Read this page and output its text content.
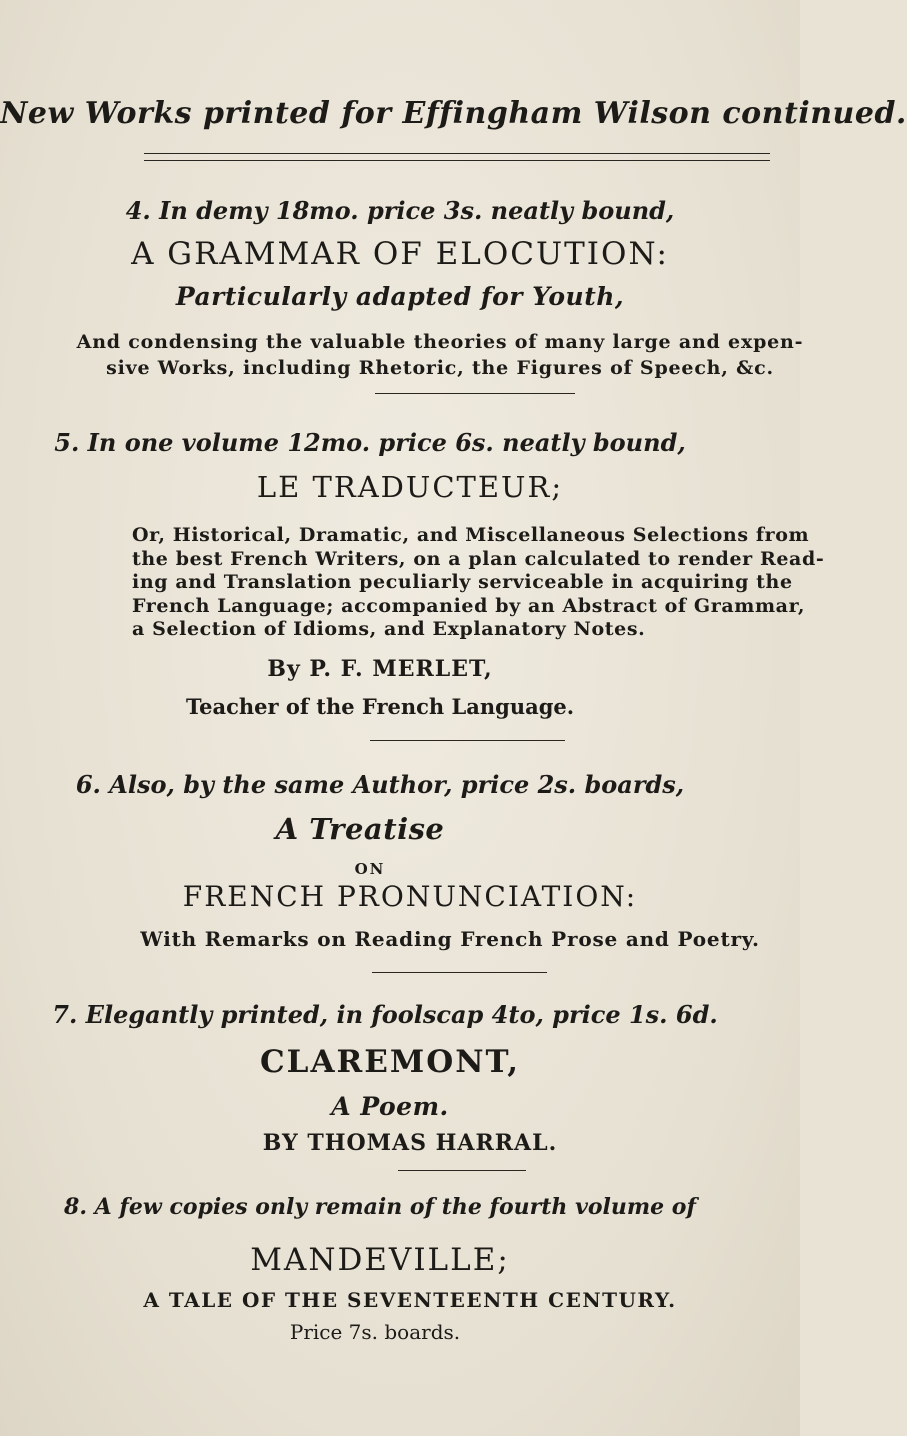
New Works printed for Effingham Wilson continued.
4. In demy 18mo. price 3s. neatly bound,
A GRAMMAR OF ELOCUTION:
Particularly adapted for Youth,
And condensing the valuable theories of many large and expen-
sive Works, including Rhetoric, the Figures of Speech, &c.
5. In one volume 12mo. price 6s. neatly bound,
LE TRADUCTEUR;
Or, Historical, Dramatic, and Miscellaneous Selections from
the best French Writers, on a plan calculated to render Read-
ing and Translation peculiarly serviceable in acquiring the
French Language; accompanied by an Abstract of Grammar,
a Selection of Idioms, and Explanatory Notes.
By P. F. MERLET,
Teacher of the French Language.
6. Also, by the same Author, price 2s. boards,
A Treatise
ON
FRENCH PRONUNCIATION:
With Remarks on Reading French Prose and Poetry.
7. Elegantly printed, in foolscap 4to, price 1s. 6d.
CLAREMONT,
A Poem.
BY THOMAS HARRAL.
8. A few copies only remain of the fourth volume of
MANDEVILLE;
A TALE OF THE SEVENTEENTH CENTURY.
Price 7s. boards.
